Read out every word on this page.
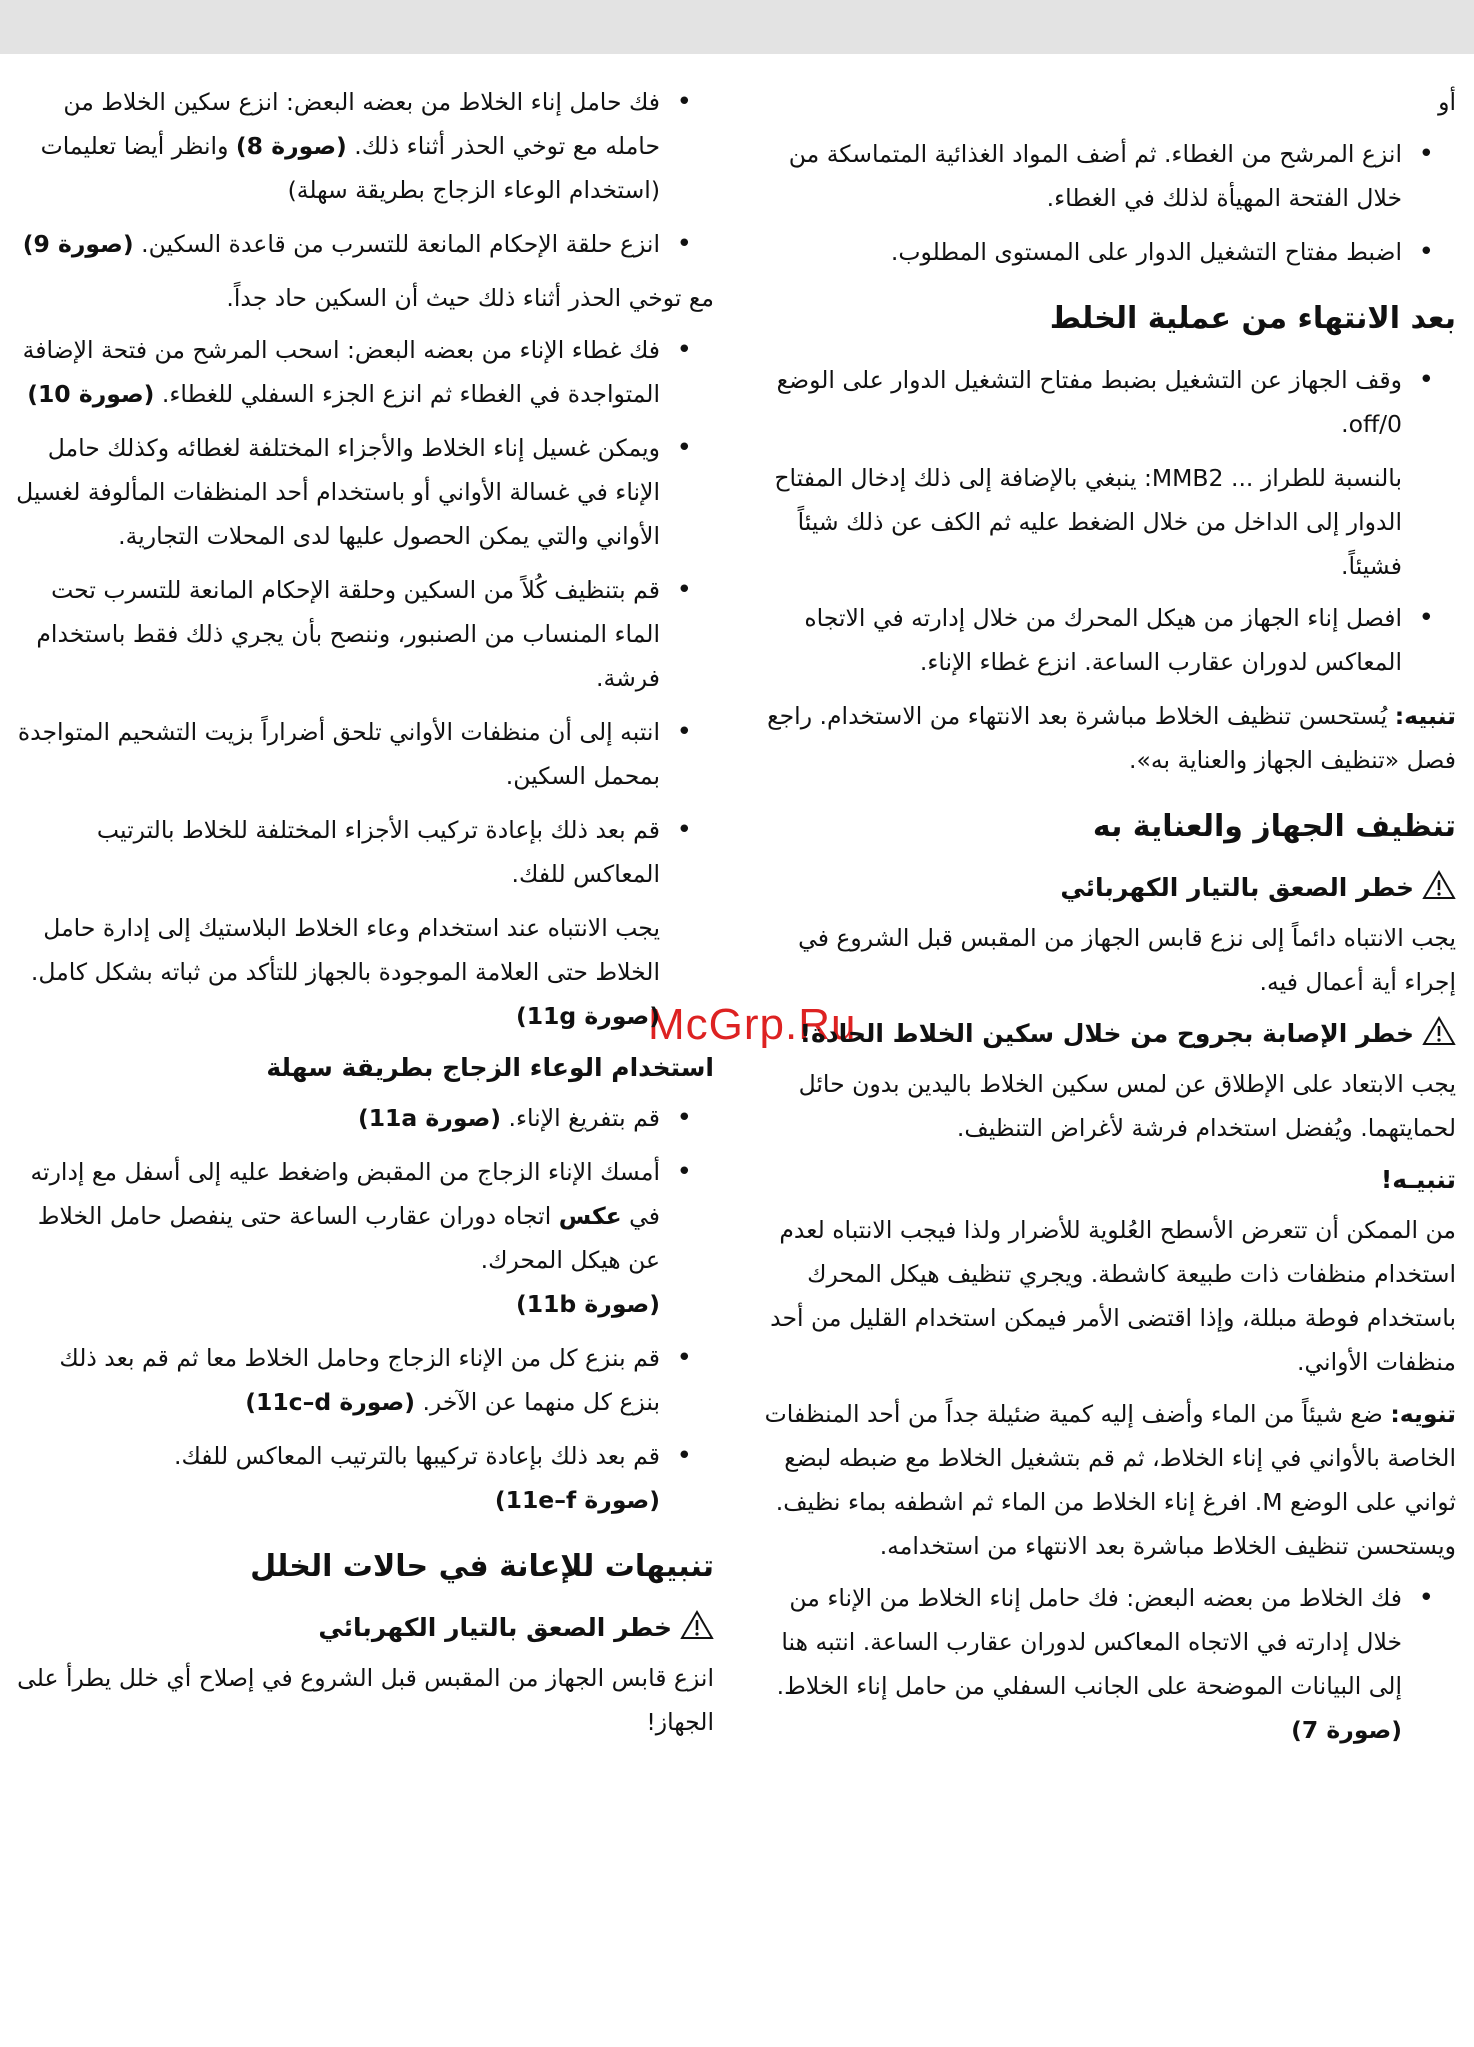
McGrp.Ru

أو

• انزع المرشح من الغطاء. ثم أضف المواد الغذائية المتماسكة من خلال الفتحة المهيأة لذلك في الغطاء.
• اضبط مفتاح التشغيل الدوار على المستوى المطلوب.
بعد الانتهاء من عملية الخلط
• وقف الجهاز عن التشغيل بضبط مفتاح التشغيل الدوار على الوضع off/0.

بالنسبة للطراز ... MMB2: ينبغي بالإضافة إلى ذلك إدخال المفتاح الدوار إلى الداخل من خلال الضغط عليه ثم الكف عن ذلك شيئاً فشيئاً.

• افصل إناء الجهاز من هيكل المحرك من خلال إدارته في الاتجاه المعاكس لدوران عقارب الساعة. انزع غطاء الإناء.

تنبيه: يُستحسن تنظيف الخلاط مباشرة بعد الانتهاء من الاستخدام. راجع فصل «تنظيف الجهاز والعناية به».

تنظيف الجهاز والعناية به
خطر الصعق بالتيار الكهربائي

يجب الانتباه دائماً إلى نزع قابس الجهاز من المقبس قبل الشروع في إجراء أية أعمال فيه.

خطر الإصابة بجروح من خلال سكين الخلاط الحادة!

يجب الابتعاد على الإطلاق عن لمس سكين الخلاط باليدين بدون حائل لحمايتهما. ويُفضل استخدام فرشة لأغراض التنظيف.

تنبيـه!

من الممكن أن تتعرض الأسطح العُلوية للأضرار ولذا فيجب الانتباه لعدم استخدام منظفات ذات طبيعة كاشطة. ويجري تنظيف هيكل المحرك باستخدام فوطة مبللة، وإذا اقتضى الأمر فيمكن استخدام القليل من أحد منظفات الأواني.

تنويه: ضع شيئاً من الماء وأضف إليه كمية ضئيلة جداً من أحد المنظفات الخاصة بالأواني في إناء الخلاط، ثم قم بتشغيل الخلاط مع ضبطه لبضع ثواني على الوضع M. افرغ إناء الخلاط من الماء ثم اشطفه بماء نظيف. ويستحسن تنظيف الخلاط مباشرة بعد الانتهاء من استخدامه.

• فك الخلاط من بعضه البعض: فك حامل إناء الخلاط من الإناء من خلال إدارته في الاتجاه المعاكس لدوران عقارب الساعة. انتبه هنا إلى البيانات الموضحة على الجانب السفلي من حامل إناء الخلاط. (صورة 7)
• فك حامل إناء الخلاط من بعضه البعض: انزع سكين الخلاط من حامله مع توخي الحذر أثناء ذلك. (صورة 8) وانظر أيضا تعليمات (استخدام الوعاء الزجاج بطريقة سهلة)
• انزع حلقة الإحكام المانعة للتسرب من قاعدة السكين. (صورة 9)

مع توخي الحذر أثناء ذلك حيث أن السكين حاد جداً.

• فك غطاء الإناء من بعضه البعض: اسحب المرشح من فتحة الإضافة المتواجدة في الغطاء ثم انزع الجزء السفلي للغطاء. (صورة 10)
• ويمكن غسيل إناء الخلاط والأجزاء المختلفة لغطائه وكذلك حامل الإناء في غسالة الأواني أو باستخدام أحد المنظفات المألوفة لغسيل الأواني والتي يمكن الحصول عليها لدى المحلات التجارية.
• قم بتنظيف كُلاً من السكين وحلقة الإحكام المانعة للتسرب تحت الماء المنساب من الصنبور، وننصح بأن يجري ذلك فقط باستخدام فرشة.
• انتبه إلى أن منظفات الأواني تلحق أضراراً بزيت التشحيم المتواجدة بمحمل السكين.
• قم بعد ذلك بإعادة تركيب الأجزاء المختلفة للخلاط بالترتيب المعاكس للفك.

يجب الانتباه عند استخدام وعاء الخلاط البلاستيك إلى إدارة حامل الخلاط حتى العلامة الموجودة بالجهاز للتأكد من ثباته بشكل كامل. (صورة 11g)

استخدام الوعاء الزجاج بطريقة سهلة
• قم بتفريغ الإناء. (صورة 11a)
• أمسك الإناء الزجاج من المقبض واضغط عليه إلى أسفل مع إدارته في عكس اتجاه دوران عقارب الساعة حتى ينفصل حامل الخلاط عن هيكل المحرك.
(صورة 11b)
• قم بنزع كل من الإناء الزجاج وحامل الخلاط معا ثم قم بعد ذلك بنزع كل منهما عن الآخر. (صورة 11c–d)
• قم بعد ذلك بإعادة تركيبها بالترتيب المعاكس للفك.
(صورة 11e–f)
تنبيهات للإعانة في حالات الخلل
خطر الصعق بالتيار الكهربائي

انزع قابس الجهاز من المقبس قبل الشروع في إصلاح أي خلل يطرأ على الجهاز!
